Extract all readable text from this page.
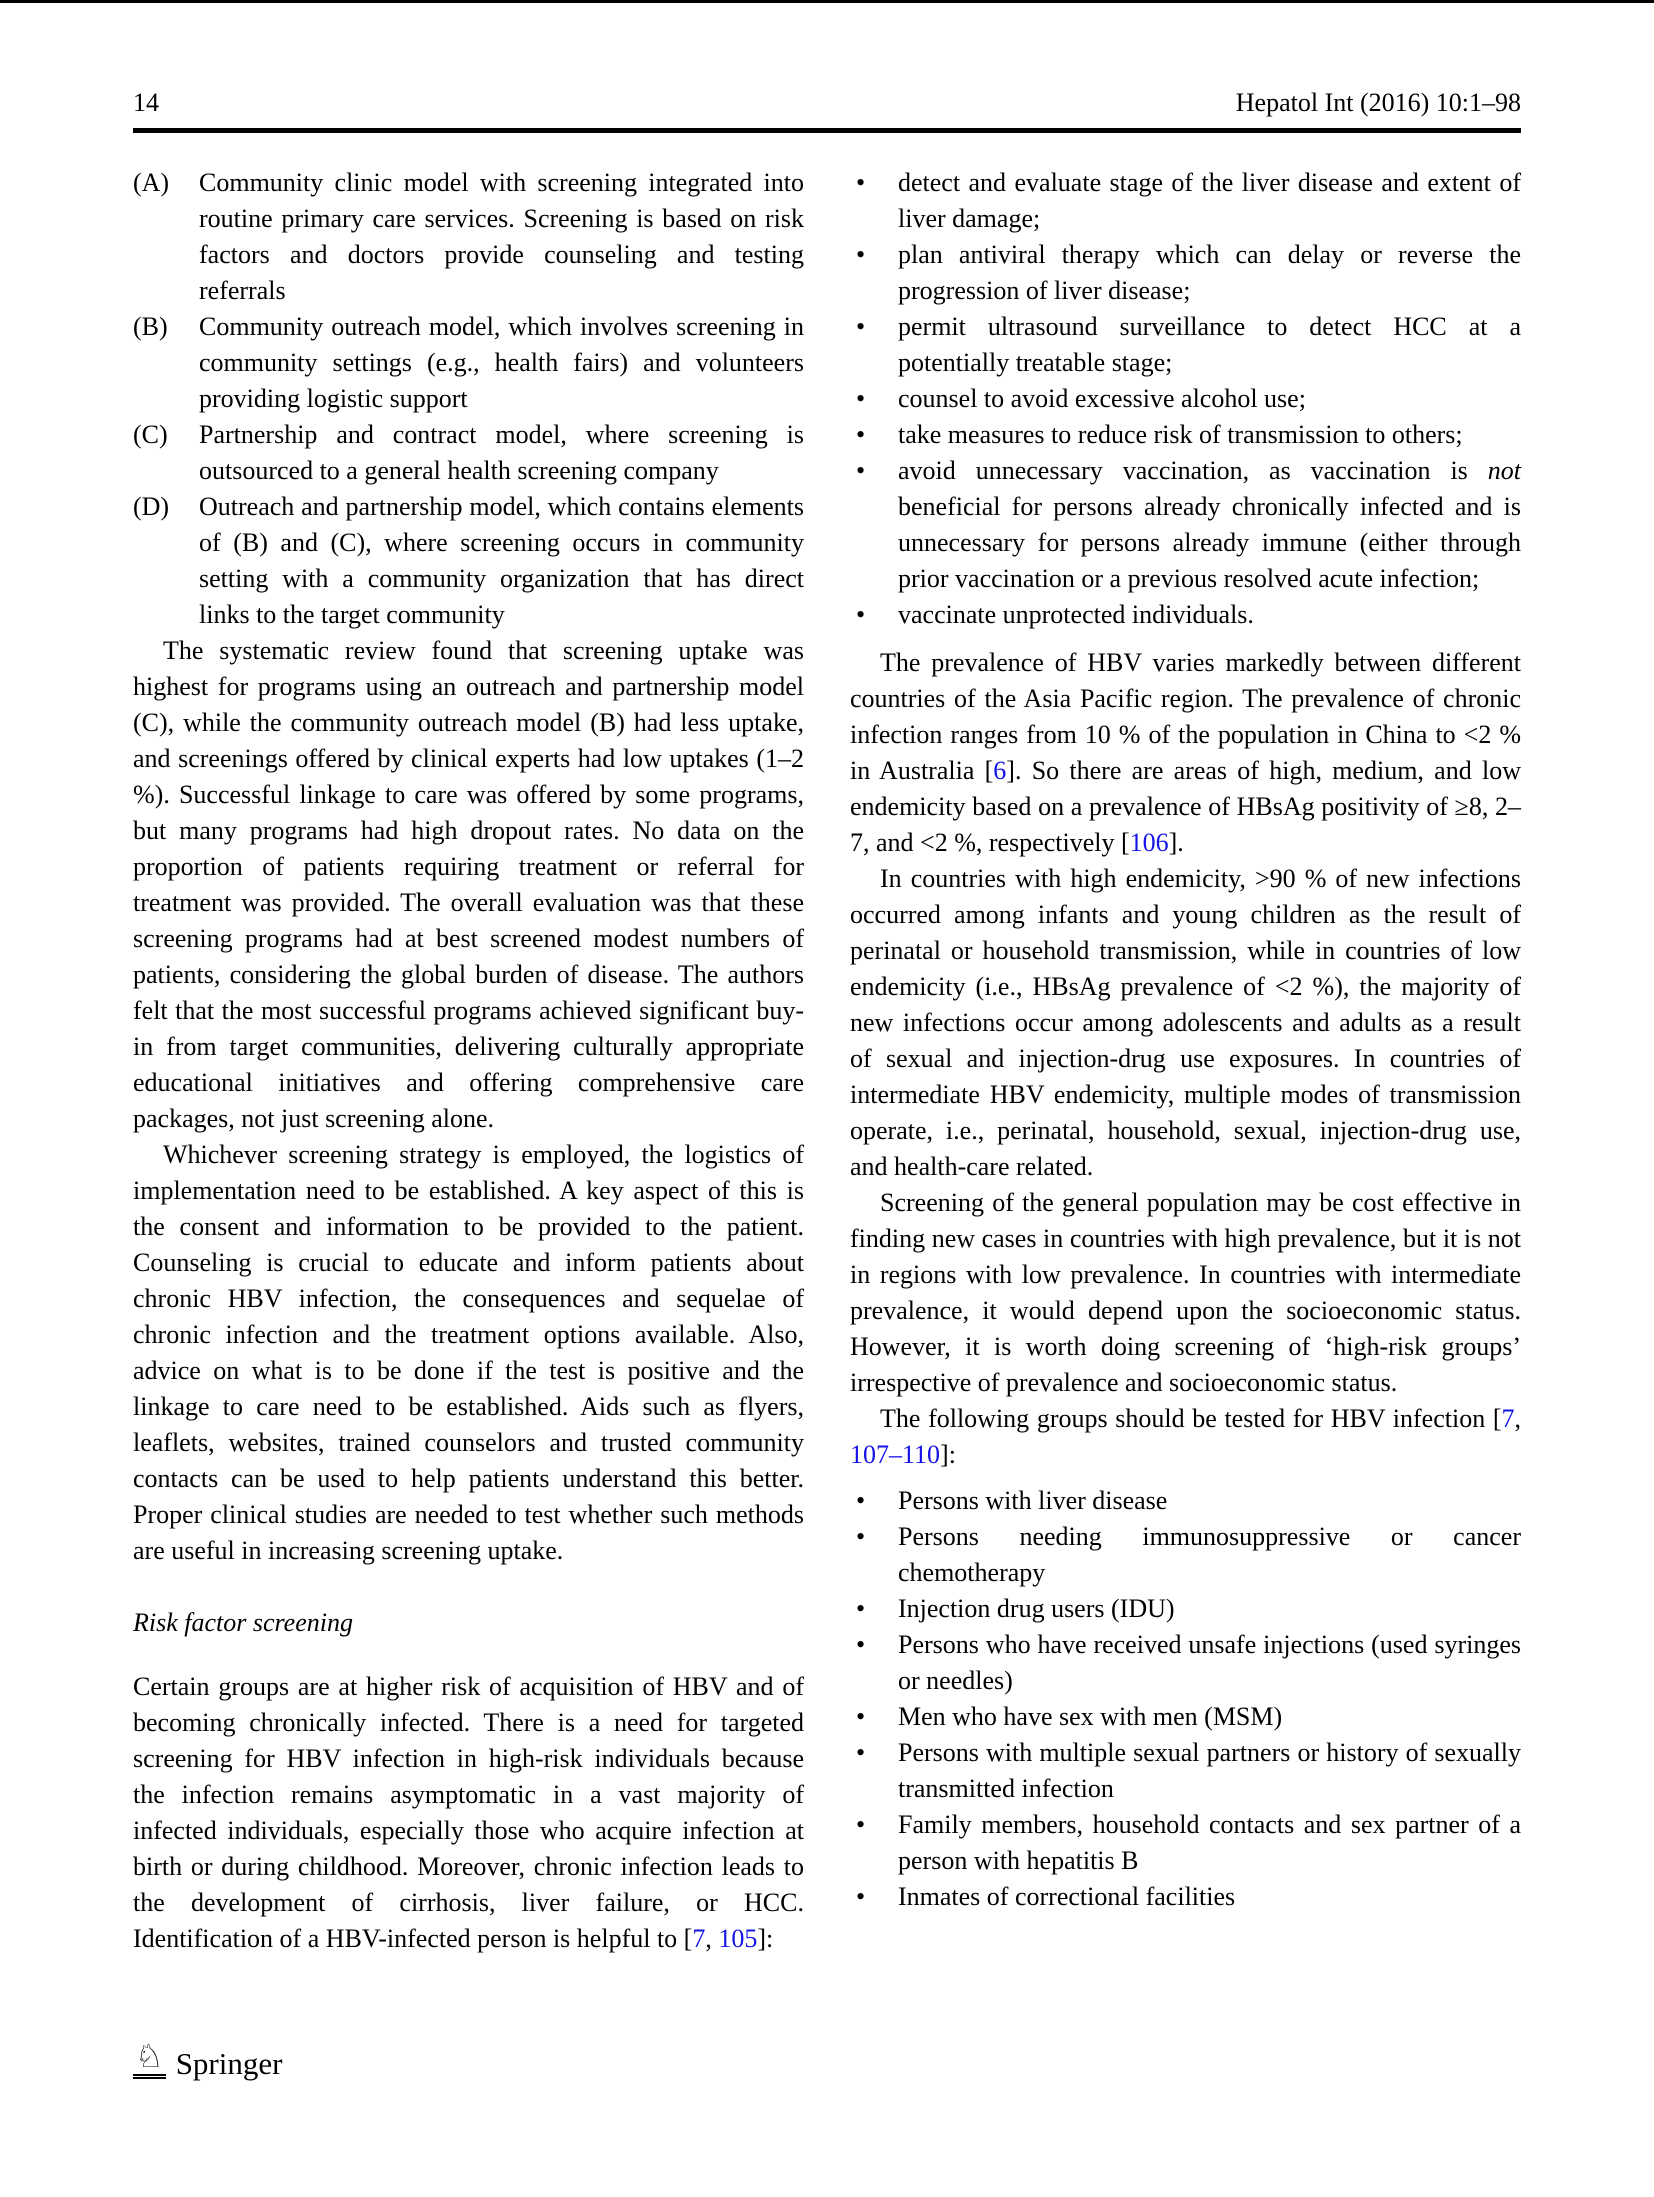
14	Hepatol Int (2016) 10:1–98
(A) Community clinic model with screening integrated into routine primary care services. Screening is based on risk factors and doctors provide counseling and testing referrals
(B) Community outreach model, which involves screening in community settings (e.g., health fairs) and volunteers providing logistic support
(C) Partnership and contract model, where screening is outsourced to a general health screening company
(D) Outreach and partnership model, which contains elements of (B) and (C), where screening occurs in community setting with a community organization that has direct links to the target community

The systematic review found that screening uptake was highest for programs using an outreach and partnership model (C), while the community outreach model (B) had less uptake, and screenings offered by clinical experts had low uptakes (1–2 %). Successful linkage to care was offered by some programs, but many programs had high dropout rates. No data on the proportion of patients requiring treatment or referral for treatment was provided. The overall evaluation was that these screening programs had at best screened modest numbers of patients, considering the global burden of disease. The authors felt that the most successful programs achieved significant buy-in from target communities, delivering culturally appropriate educational initiatives and offering comprehensive care packages, not just screening alone.

Whichever screening strategy is employed, the logistics of implementation need to be established. A key aspect of this is the consent and information to be provided to the patient. Counseling is crucial to educate and inform patients about chronic HBV infection, the consequences and sequelae of chronic infection and the treatment options available. Also, advice on what is to be done if the test is positive and the linkage to care need to be established. Aids such as flyers, leaflets, websites, trained counselors and trusted community contacts can be used to help patients understand this better. Proper clinical studies are needed to test whether such methods are useful in increasing screening uptake.

Risk factor screening

Certain groups are at higher risk of acquisition of HBV and of becoming chronically infected. There is a need for targeted screening for HBV infection in high-risk individuals because the infection remains asymptomatic in a vast majority of infected individuals, especially those who acquire infection at birth or during childhood. Moreover, chronic infection leads to the development of cirrhosis, liver failure, or HCC. Identification of a HBV-infected person is helpful to [7, 105]:

• detect and evaluate stage of the liver disease and extent of liver damage;
• plan antiviral therapy which can delay or reverse the progression of liver disease;
• permit ultrasound surveillance to detect HCC at a potentially treatable stage;
• counsel to avoid excessive alcohol use;
• take measures to reduce risk of transmission to others;
• avoid unnecessary vaccination, as vaccination is not beneficial for persons already chronically infected and is unnecessary for persons already immune (either through prior vaccination or a previous resolved acute infection;
• vaccinate unprotected individuals.

The prevalence of HBV varies markedly between different countries of the Asia Pacific region. The prevalence of chronic infection ranges from 10 % of the population in China to <2 % in Australia [6]. So there are areas of high, medium, and low endemicity based on a prevalence of HBsAg positivity of ≥8, 2–7, and <2 %, respectively [106].

In countries with high endemicity, >90 % of new infections occurred among infants and young children as the result of perinatal or household transmission, while in countries of low endemicity (i.e., HBsAg prevalence of <2 %), the majority of new infections occur among adolescents and adults as a result of sexual and injection-drug use exposures. In countries of intermediate HBV endemicity, multiple modes of transmission operate, i.e., perinatal, household, sexual, injection-drug use, and health-care related.

Screening of the general population may be cost effective in finding new cases in countries with high prevalence, but it is not in regions with low prevalence. In countries with intermediate prevalence, it would depend upon the socioeconomic status. However, it is worth doing screening of ‘high-risk groups’ irrespective of prevalence and socioeconomic status.

The following groups should be tested for HBV infection [7, 107–110]:

• Persons with liver disease
• Persons needing immunosuppressive or cancer chemotherapy
• Injection drug users (IDU)
• Persons who have received unsafe injections (used syringes or needles)
• Men who have sex with men (MSM)
• Persons with multiple sexual partners or history of sexually transmitted infection
• Family members, household contacts and sex partner of a person with hepatitis B
• Inmates of correctional facilities
♘ Springer
